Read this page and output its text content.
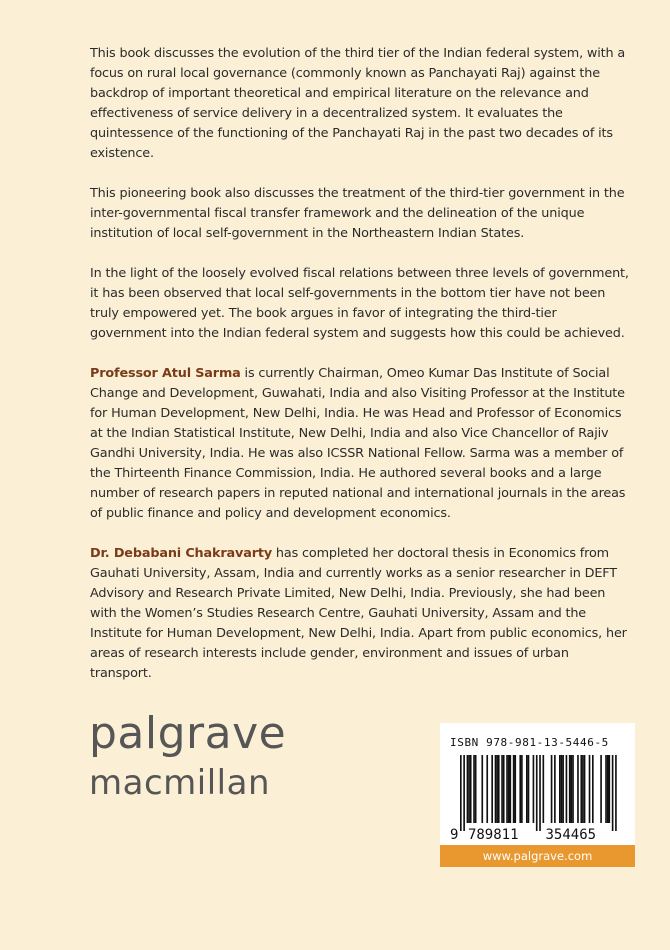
This book discusses the evolution of the third tier of the Indian federal system, with a focus on rural local governance (commonly known as Panchayati Raj) against the backdrop of important theoretical and empirical literature on the relevance and effectiveness of service delivery in a decentralized system. It evaluates the quintessence of the functioning of the Panchayati Raj in the past two decades of its existence.

This pioneering book also discusses the treatment of the third-tier government in the inter-governmental fiscal transfer framework and the delineation of the unique institution of local self-government in the Northeastern Indian States.

In the light of the loosely evolved fiscal relations between three levels of government, it has been observed that local self-governments in the bottom tier have not been truly empowered yet. The book argues in favor of integrating the third-tier government into the Indian federal system and suggests how this could be achieved.

Professor Atul Sarma is currently Chairman, Omeo Kumar Das Institute of Social Change and Development, Guwahati, India and also Visiting Professor at the Institute for Human Development, New Delhi, India. He was Head and Professor of Economics at the Indian Statistical Institute, New Delhi, India and also Vice Chancellor of Rajiv Gandhi University, India. He was also ICSSR National Fellow. Sarma was a member of the Thirteenth Finance Commission, India. He authored several books and a large number of research papers in reputed national and international journals in the areas of public finance and policy and development economics.

Dr. Debabani Chakravarty has completed her doctoral thesis in Economics from Gauhati University, Assam, India and currently works as a senior researcher in DEFT Advisory and Research Private Limited, New Delhi, India. Previously, she had been with the Women’s Studies Research Centre, Gauhati University, Assam and the Institute for Human Development, New Delhi, India. Apart from public economics, her areas of research interests include gender, environment and issues of urban transport.

palgrave
macmillan
ISBN 978-981-13-5446-5
9 789811 354465
www.palgrave.com
